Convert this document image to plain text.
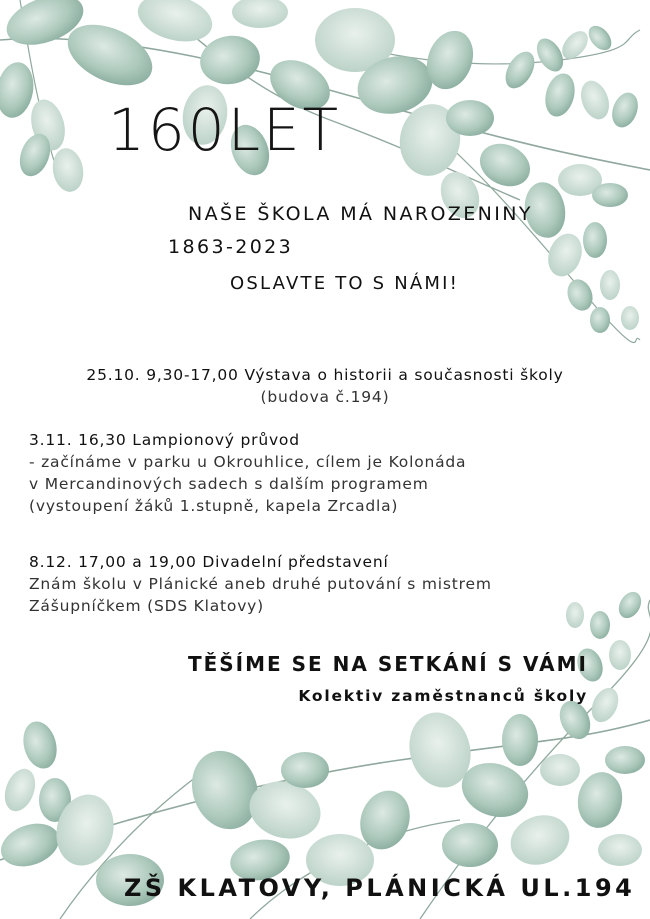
160LET
NAŠE ŠKOLA MÁ NAROZENINY
1863-2023
OSLAVTE TO S NÁMI!
25.10. 9,30-17,00 Výstava o historii a současnosti školy
(budova č.194)
3.11. 16,30 Lampionový průvod
- začínáme v parku u Okrouhlice, cílem je Kolonáda
v Mercandinových sadech s dalším programem
(vystoupení žáků 1.stupně, kapela Zrcadla)
8.12. 17,00 a 19,00 Divadelní představení
Znám školu v Plánické aneb druhé putování s mistrem
Zášupníčkem (SDS Klatovy)
TĚŠÍME SE NA SETKÁNÍ S VÁMI
Kolektiv zaměstnanců školy
ZŠ KLATOVY, PLÁNICKÁ UL.194
